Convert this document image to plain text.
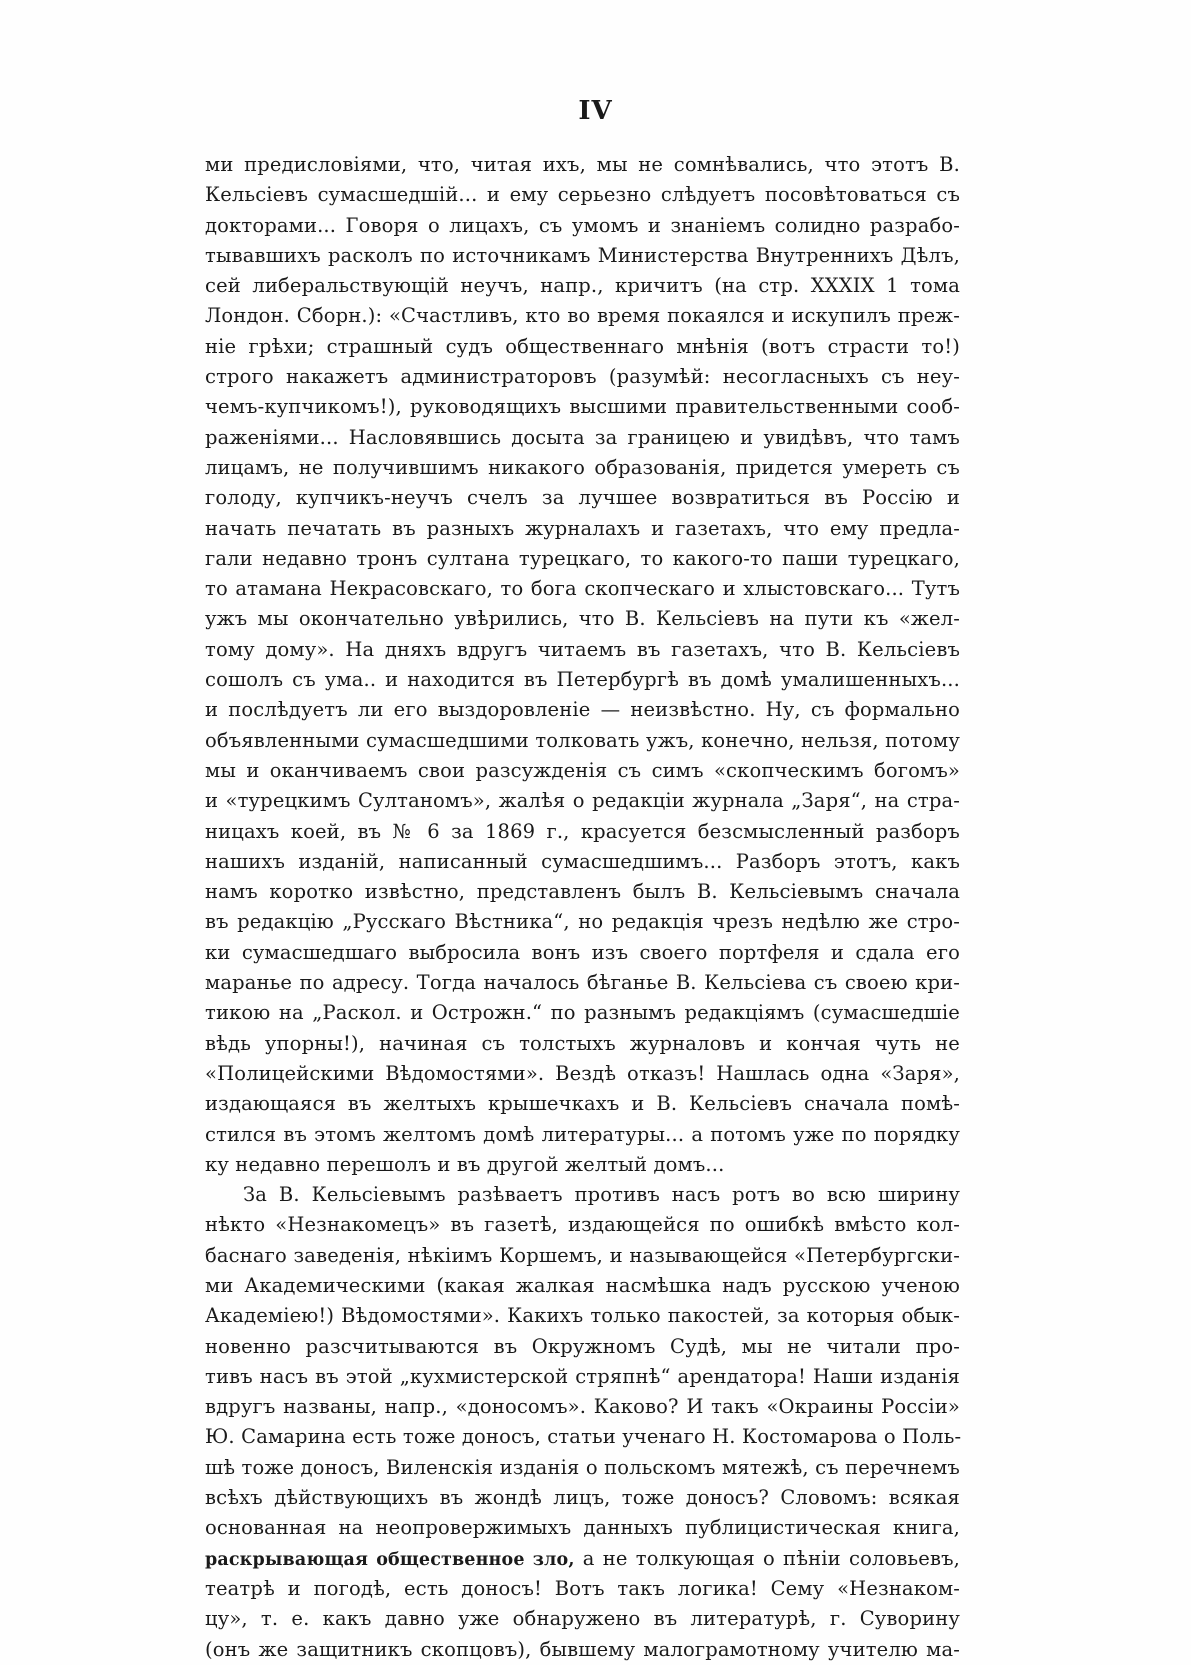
IV
ми предисловіями, что, читая ихъ, мы не сомнѣвались, что этотъ В.
Кельсіевъ сумасшедшій... и ему серьезно слѣдуетъ посовѣтоваться съ
докторами... Говоря о лицахъ, съ умомъ и знаніемъ солидно разрабо-
тывавшихъ расколъ по источникамъ Министерства Внутреннихъ Дѣлъ,
сей либеральствующій неучъ, напр., кричитъ (на стр. XXXIX 1 тома
Лондон. Сборн.): «Счастливъ, кто во время покаялся и искупилъ преж-
ніе грѣхи; страшный судъ общественнаго мнѣнія (вотъ страсти то!)
строго накажетъ администраторовъ (разумѣй: несогласныхъ съ неу-
чемъ-купчикомъ!), руководящихъ высшими правительственными сооб-
раженіями... Насловявшись досыта за границею и увидѣвъ, что тамъ
лицамъ, не получившимъ никакого образованія, придется умереть съ
голоду, купчикъ-неучъ счелъ за лучшее возвратиться въ Россію и
начать печатать въ разныхъ журналахъ и газетахъ, что ему предла-
гали недавно тронъ султана турецкаго, то какого-то паши турецкаго,
то атамана Некрасовскаго, то бога скопческаго и хлыстовскаго... Тутъ
ужъ мы окончательно увѣрились, что В. Кельсіевъ на пути къ «жел-
тому дому». На дняхъ вдругъ читаемъ въ газетахъ, что В. Кельсіевъ
сошолъ съ ума.. и находится въ Петербургѣ въ домѣ умалишенныхъ...
и послѣдуетъ ли его выздоровленіе — неизвѣстно. Ну, съ формально
объявленными сумасшедшими толковать ужъ, конечно, нельзя, потому
мы и оканчиваемъ свои разсужденія съ симъ «скопческимъ богомъ»
и «турецкимъ Султаномъ», жалѣя о редакціи журнала „Заря“, на стра-
ницахъ коей, въ № 6 за 1869 г., красуется безсмысленный разборъ
нашихъ изданій, написанный сумасшедшимъ... Разборъ этотъ, какъ
намъ коротко извѣстно, представленъ былъ В. Кельсіевымъ сначала
въ редакцію „Русскаго Вѣстника“, но редакція чрезъ недѣлю же стро-
ки сумасшедшаго выбросила вонъ изъ своего портфеля и сдала его
маранье по адресу. Тогда началось бѣганье В. Кельсіева съ своею кри-
тикою на „Раскол. и Острожн.“ по разнымъ редакціямъ (сумасшедшіе
вѣдь упорны!), начиная съ толстыхъ журналовъ и кончая чуть не
«Полицейскими Вѣдомостями». Вездѣ отказъ! Нашлась одна «Заря»,
издающаяся въ желтыхъ крышечкахъ и В. Кельсіевъ сначала помѣ-
стился въ этомъ желтомъ домѣ литературы... а потомъ уже по порядку
ку недавно перешолъ и въ другой желтый домъ...
За В. Кельсіевымъ разѣваетъ противъ насъ ротъ во всю ширину
нѣкто «Незнакомецъ» въ газетѣ, издающейся по ошибкѣ вмѣсто кол-
баснаго заведенія, нѣкіимъ Коршемъ, и называющейся «Петербургски-
ми Академическими (какая жалкая насмѣшка надъ русскою ученою
Академіею!) Вѣдомостями». Какихъ только пакостей, за которыя обык-
новенно разсчитываются въ Окружномъ Судѣ, мы не читали про-
тивъ насъ въ этой „кухмистерской стряпнѣ“ арендатора! Наши изданія
вдругъ названы, напр., «доносомъ». Каково? И такъ «Окраины Россіи»
Ю. Самарина есть тоже доносъ, статьи ученаго Н. Костомарова о Поль-
шѣ тоже доносъ, Виленскія изданія о польскомъ мятежѣ, съ перечнемъ
всѣхъ дѣйствующихъ въ жондѣ лицъ, тоже доносъ? Словомъ: всякая
основанная на неопровержимыхъ данныхъ публицистическая книга,
раскрывающая общественное зло, а не толкующая о пѣніи соловьевъ,
театрѣ и погодѣ, есть доносъ! Вотъ такъ логика! Сему «Незнаком-
цу», т. е. какъ давно уже обнаружено въ литературѣ, г. Суворину
(онъ же защитникъ скопцовъ), бывшему малограмотному учителю ма-
